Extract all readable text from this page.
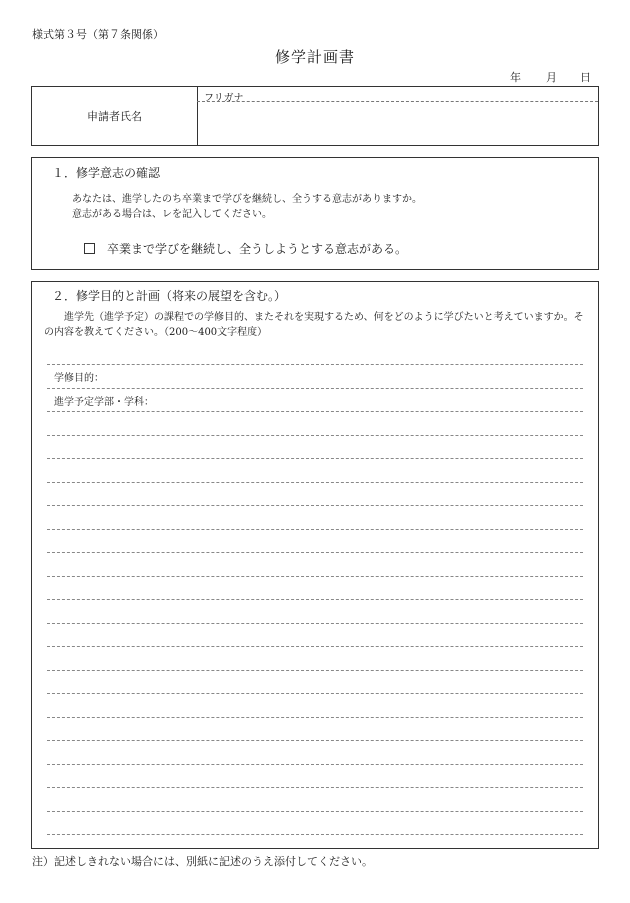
様式第３号（第７条関係）
修学計画書
年 月 日
申請者氏名
フリガナ
１．修学意志の確認
あなたは、進学したのち卒業まで学びを継続し、全うする意志がありますか。
意志がある場合は、レを記入してください。
卒業まで学びを継続し、全うしようとする意志がある。
２．修学目的と計画（将来の展望を含む。）
進学先（進学予定）の課程での学修目的、またそれを実現するため、何をどのように学びたいと考えていますか。その内容を教えてください。（200〜400文字程度）
学修目的：
進学予定学部・学科：
注）記述しきれない場合には、別紙に記述のうえ添付してください。
